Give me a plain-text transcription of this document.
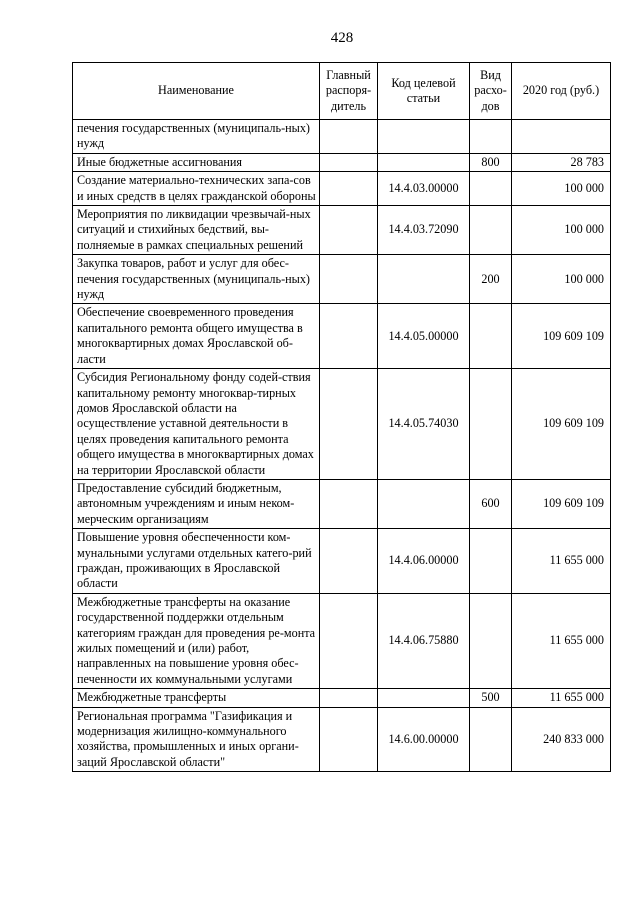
428
Наименование	Главный распоря-дитель	Код целевой статьи	Вид расхо-дов	2020 год (руб.)
печения государственных (муниципаль-ных) нужд				
Иные бюджетные ассигнования			800	28 783
Создание материально-технических запа-сов и иных средств в целях гражданской обороны		14.4.03.00000		100 000
Мероприятия по ликвидации чрезвычай-ных ситуаций и стихийных бедствий, вы-полняемые в рамках специальных решений		14.4.03.72090		100 000
Закупка товаров, работ и услуг для обес-печения государственных (муниципаль-ных) нужд			200	100 000
Обеспечение своевременного проведения капитального ремонта общего имущества в многоквартирных домах Ярославской об-ласти		14.4.05.00000		109 609 109
Субсидия Региональному фонду содей-ствия капитальному ремонту многоквар-тирных домов Ярославской области на осуществление уставной деятельности в целях проведения капитального ремонта общего имущества в многоквартирных домах на территории Ярославской области		14.4.05.74030		109 609 109
Предоставление субсидий бюджетным, автономным учреждениям и иным неком-мерческим организациям			600	109 609 109
Повышение уровня обеспеченности ком-мунальными услугами отдельных катего-рий граждан, проживающих в Ярославской области		14.4.06.00000		11 655 000
Межбюджетные трансферты на оказание государственной поддержки отдельным категориям граждан для проведения ре-монта жилых помещений и (или) работ, направленных на повышение уровня обес-печенности их коммунальными услугами		14.4.06.75880		11 655 000
Межбюджетные трансферты			500	11 655 000
Региональная программа "Газификация и модернизация жилищно-коммунального хозяйства, промышленных и иных органи-заций Ярославской области"		14.6.00.00000		240 833 000
